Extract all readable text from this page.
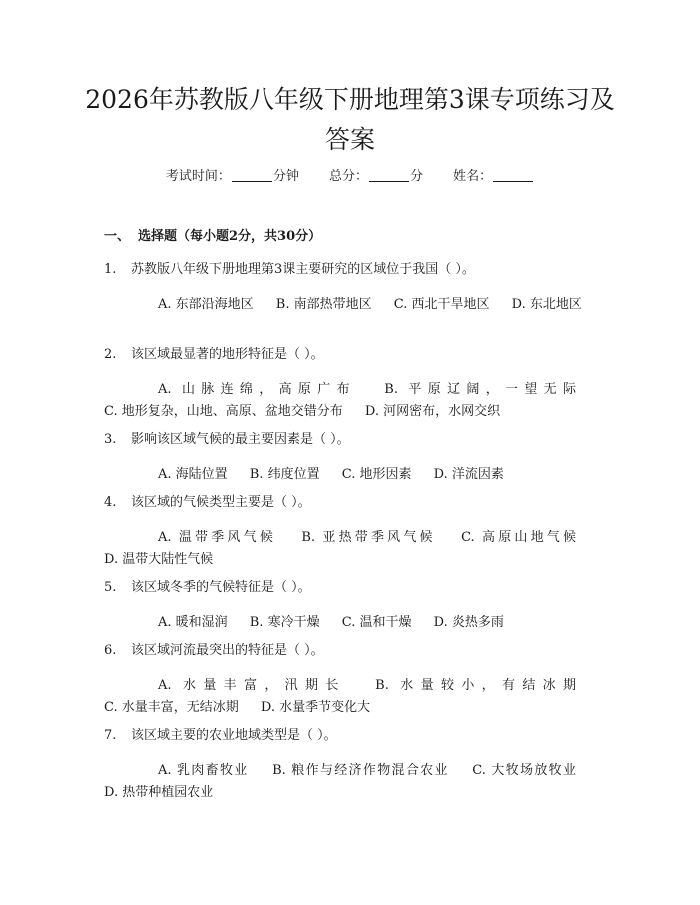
2026年苏教版八年级下册地理第3课专项练习及答案
考试时间：	分钟 总分：	分 姓名：
一、 选择题（每小题2分，共30分）
1. 苏教版八年级下册地理第3课主要研究的区域位于我国（ ）。
A. 东部沿海地区 B. 南部热带地区 C. 西北干旱地区 D. 东北地区
2. 该区域最显著的地形特征是（ ）。
A. 山脉连绵，高原广布 B. 平原辽阔，一望无际 C. 地形复杂，山地、高原、盆地交错分布 D. 河网密布，水网交织
3. 影响该区域气候的最主要因素是（ ）。
A. 海陆位置 B. 纬度位置 C. 地形因素 D. 洋流因素
4. 该区域的气候类型主要是（ ）。
A. 温带季风气候 B. 亚热带季风气候 C. 高原山地气候 D. 温带大陆性气候
5. 该区域冬季的气候特征是（ ）。
A. 暖和湿润 B. 寒冷干燥 C. 温和干燥 D. 炎热多雨
6. 该区域河流最突出的特征是（ ）。
A. 水量丰富，汛期长 B. 水量较小，有结冰期 C. 水量丰富，无结冰期 D. 水量季节变化大
7. 该区域主要的农业地域类型是（ ）。
A. 乳肉畜牧业 B. 粮作与经济作物混合农业 C. 大牧场放牧业 D. 热带种植园农业
